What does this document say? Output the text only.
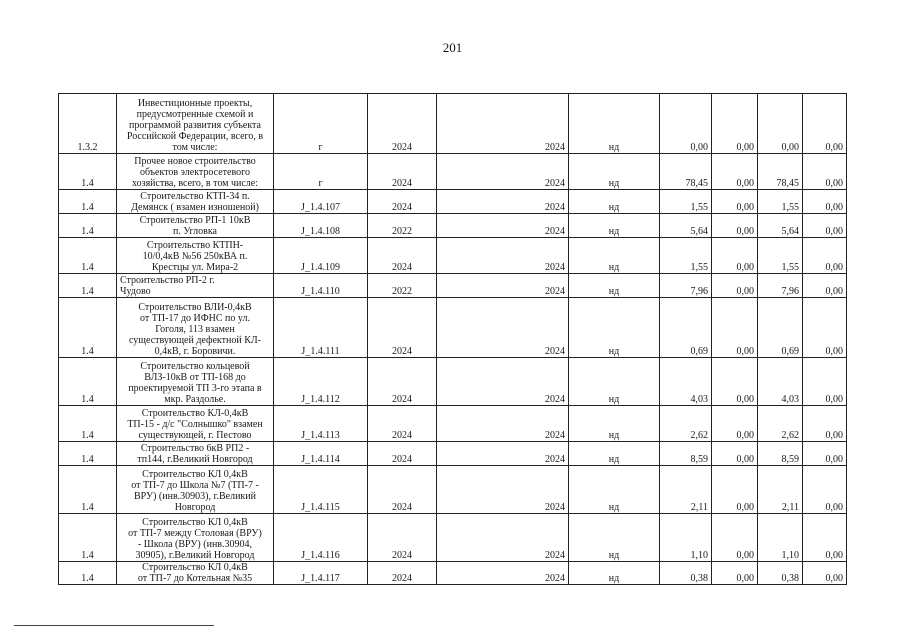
201
1.3.2	Инвестиционные проекты,
предусмотренные схемой и
программой развития субъекта
Российской Федерации, всего, в
том числе:	г	2024	2024	нд	0,00	0,00	0,00	0,00	
1.4	Прочее новое строительство
объектов электросетевого
хозяйства, всего, в том числе:	г	2024	2024	нд	78,45	0,00	78,45	0,00	
1.4	Строительство КТП-34 п.
Демянск ( взамен изношеной)	J_1.4.107	2024	2024	нд	1,55	0,00	1,55	0,00	
1.4	Строительство РП-1 10кВ
п. Угловка	J_1.4.108	2022	2024	нд	5,64	0,00	5,64	0,00	
1.4	Строительство КТПН-
10/0,4кВ №56 250кВА п.
Крестцы ул. Мира-2	J_1.4.109	2024	2024	нд	1,55	0,00	1,55	0,00	
1.4	Строительство РП-2 г.
Чудово	J_1.4.110	2022	2024	нд	7,96	0,00	7,96	0,00	
1.4	Строительство ВЛИ-0,4кВ
от ТП-17 до ИФНС по ул.
Гоголя, 113 взамен
существующей дефектной КЛ-
0,4кВ, г. Боровичи.	J_1.4.111	2024	2024	нд	0,69	0,00	0,69	0,00	
1.4	Строительство кольцевой
ВЛЗ-10кВ от ТП-168 до
проектируемой ТП 3-го этапа в
мкр. Раздолье.	J_1.4.112	2024	2024	нд	4,03	0,00	4,03	0,00	
1.4	Строительство КЛ-0,4кВ
ТП-15 - д/с "Солнышко" взамен
существующей, г. Пестово	J_1.4.113	2024	2024	нд	2,62	0,00	2,62	0,00	
1.4	Строительство 6кВ РП2 -
тп144, г.Великий Новгород	J_1.4.114	2024	2024	нд	8,59	0,00	8,59	0,00	
1.4	Строительство КЛ 0,4кВ
от ТП-7 до Школа №7 (ТП-7 -
ВРУ) (инв.30903), г.Великий
Новгород	J_1.4.115	2024	2024	нд	2,11	0,00	2,11	0,00	
1.4	Строительство КЛ 0,4кВ
от ТП-7 между Столовая (ВРУ)
- Школа (ВРУ) (инв.30904,
30905), г.Великий Новгород	J_1.4.116	2024	2024	нд	1,10	0,00	1,10	0,00	
1.4	Строительство КЛ 0,4кВ
от ТП-7 до Котельная №35	J_1.4.117	2024	2024	нд	0,38	0,00	0,38	0,00	
